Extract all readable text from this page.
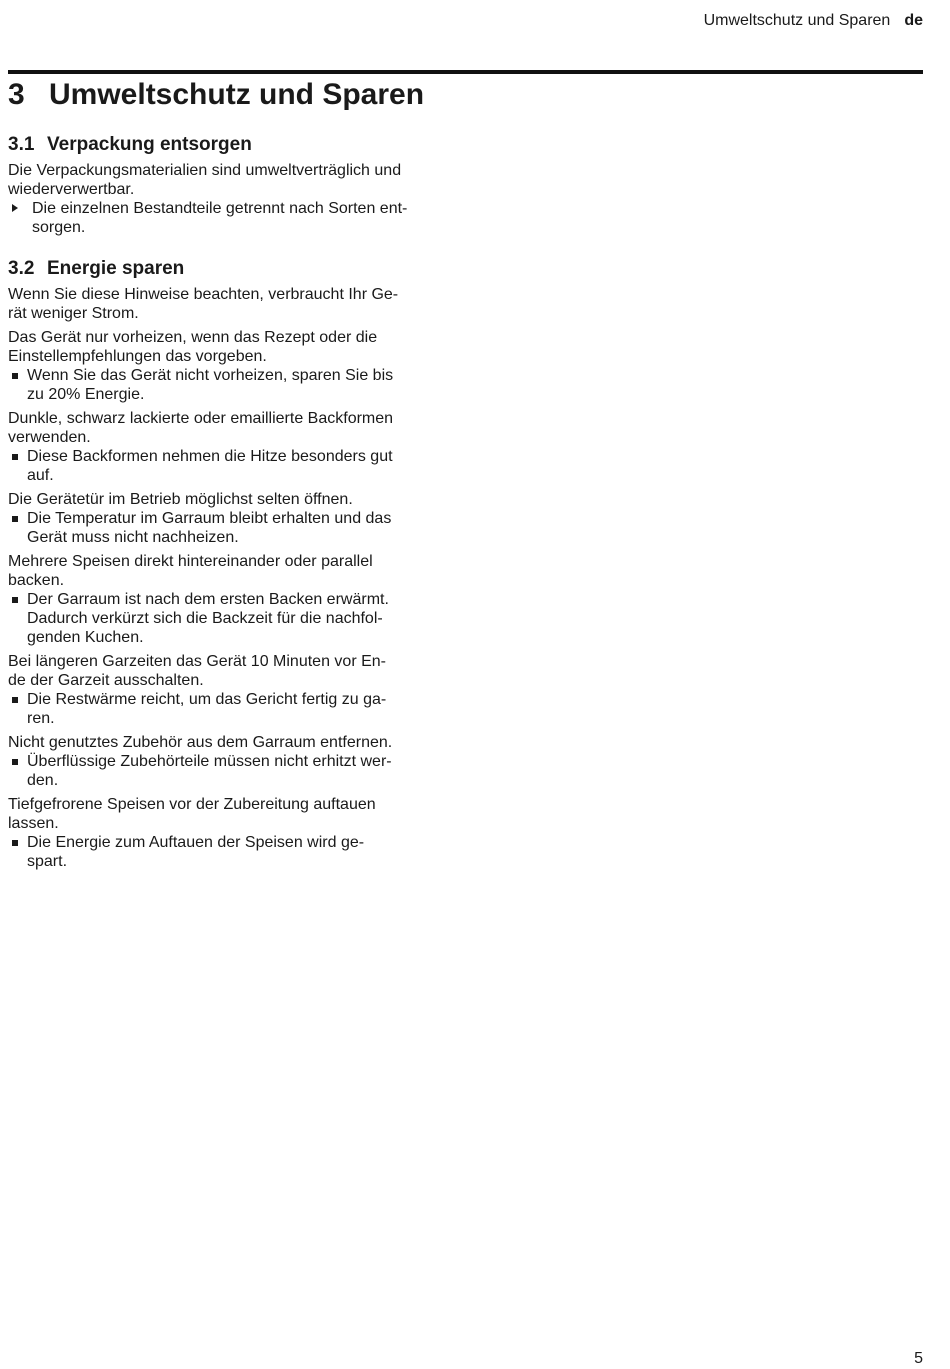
Umweltschutz und Sparen de
3 Umweltschutz und Sparen
3.1 Verpackung entsorgen
Die Verpackungsmaterialien sind umweltverträglich und
wiederverwertbar.
Die einzelnen Bestandteile getrennt nach Sorten ent-
sorgen.
3.2 Energie sparen
Wenn Sie diese Hinweise beachten, verbraucht Ihr Ge-
rät weniger Strom.
Das Gerät nur vorheizen, wenn das Rezept oder die
Einstellempfehlungen das vorgeben.
Wenn Sie das Gerät nicht vorheizen, sparen Sie bis
zu 20% Energie.
Dunkle, schwarz lackierte oder emaillierte Backformen
verwenden.
Diese Backformen nehmen die Hitze besonders gut
auf.
Die Gerätetür im Betrieb möglichst selten öffnen.
Die Temperatur im Garraum bleibt erhalten und das
Gerät muss nicht nachheizen.
Mehrere Speisen direkt hintereinander oder parallel
backen.
Der Garraum ist nach dem ersten Backen erwärmt.
Dadurch verkürzt sich die Backzeit für die nachfol-
genden Kuchen.
Bei längeren Garzeiten das Gerät 10 Minuten vor En-
de der Garzeit ausschalten.
Die Restwärme reicht, um das Gericht fertig zu ga-
ren.
Nicht genutztes Zubehör aus dem Garraum entfernen.
Überflüssige Zubehörteile müssen nicht erhitzt wer-
den.
Tiefgefrorene Speisen vor der Zubereitung auftauen
lassen.
Die Energie zum Auftauen der Speisen wird ge-
spart.
5
